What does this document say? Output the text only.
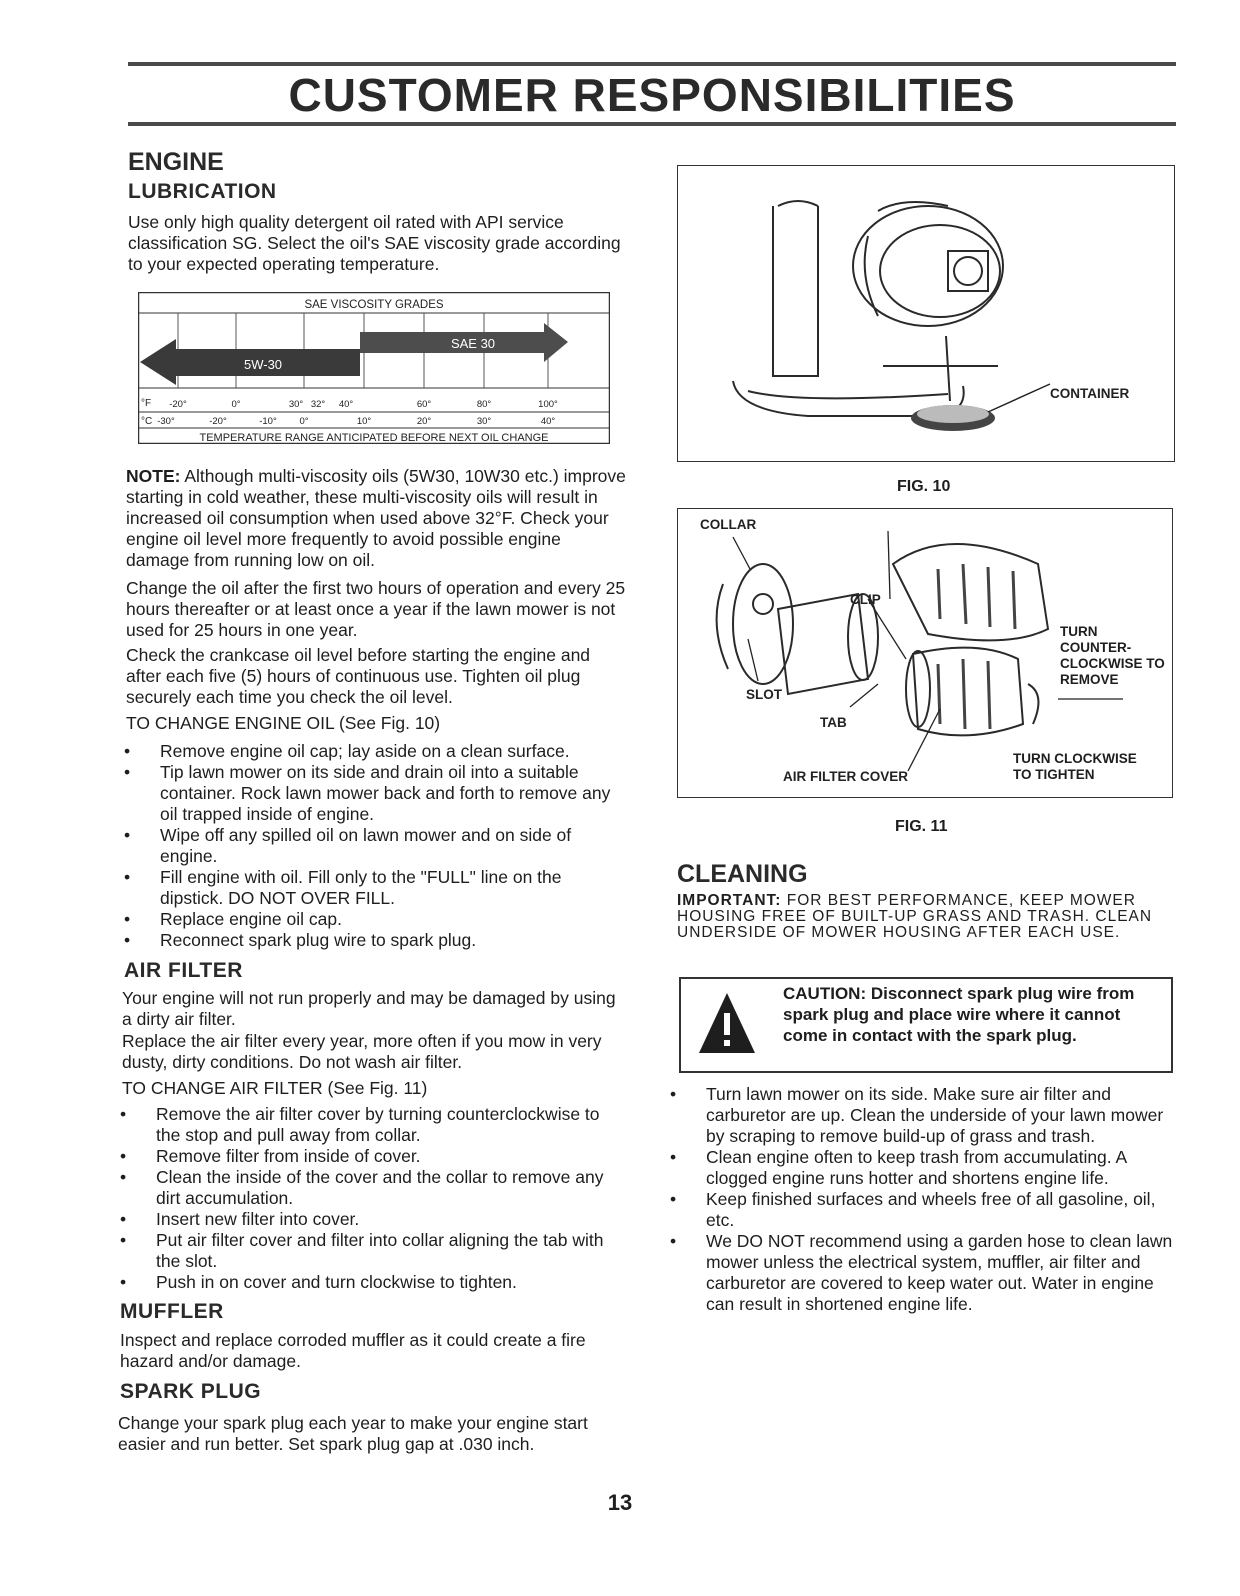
CUSTOMER RESPONSIBILITIES
ENGINE
LUBRICATION

Use only high quality detergent oil rated with API service classification SG. Select the oil's SAE viscosity grade according to your expected operating temperature.

SAE VISCOSITY GRADES
5W-30
SAE 30
°F
°C
-20°	0°	30° 32° 40°	60°	80°	100°
-30°	-20°	-10° 0°	10°	20°	30°	40°
TEMPERATURE RANGE ANTICIPATED BEFORE NEXT OIL CHANGE

NOTE: Although multi-viscosity oils (5W30, 10W30 etc.) improve starting in cold weather, these multi-viscosity oils will result in increased oil consumption when used above 32°F. Check your engine oil level more frequently to avoid possible engine damage from running low on oil.

Change the oil after the first two hours of operation and every 25 hours thereafter or at least once a year if the lawn mower is not used for 25 hours in one year.

Check the crankcase oil level before starting the engine and after each five (5) hours of continuous use. Tighten oil plug securely each time you check the oil level.

TO CHANGE ENGINE OIL (See Fig. 10)

• Remove engine oil cap; lay aside on a clean surface.
• Tip lawn mower on its side and drain oil into a suitable container. Rock lawn mower back and forth to remove any oil trapped inside of engine.
• Wipe off any spilled oil on lawn mower and on side of engine.
• Fill engine with oil. Fill only to the "FULL" line on the dipstick. DO NOT OVER FILL.
• Replace engine oil cap.
• Reconnect spark plug wire to spark plug.
AIR FILTER

Your engine will not run properly and may be damaged by using a dirty air filter.

Replace the air filter every year, more often if you mow in very dusty, dirty conditions. Do not wash air filter.

TO CHANGE AIR FILTER (See Fig. 11)

• Remove the air filter cover by turning counterclockwise to the stop and pull away from collar.
• Remove filter from inside of cover.
• Clean the inside of the cover and the collar to remove any dirt accumulation.
• Insert new filter into cover.
• Put air filter cover and filter into collar aligning the tab with the slot.
• Push in on cover and turn clockwise to tighten.
MUFFLER

Inspect and replace corroded muffler as it could create a fire hazard and/or damage.

SPARK PLUG

Change your spark plug each year to make your engine start easier and run better. Set spark plug gap at .030 inch.

CONTAINER
FIG. 10
COLLAR
CLIP
SLOT
TAB
AIR FILTER COVER
TURN COUNTER-CLOCKWISE TO REMOVE
TURN CLOCKWISE TO TIGHTEN
FIG. 11
CLEANING

IMPORTANT: FOR BEST PERFORMANCE, KEEP MOWER HOUSING FREE OF BUILT-UP GRASS AND TRASH. CLEAN UNDERSIDE OF MOWER HOUSING AFTER EACH USE.

CAUTION: Disconnect spark plug wire from spark plug and place wire where it cannot come in contact with the spark plug.
• Turn lawn mower on its side. Make sure air filter and carburetor are up. Clean the underside of your lawn mower by scraping to remove build-up of grass and trash.
• Clean engine often to keep trash from accumulating. A clogged engine runs hotter and shortens engine life.
• Keep finished surfaces and wheels free of all gasoline, oil, etc.
• We DO NOT recommend using a garden hose to clean lawn mower unless the electrical system, muffler, air filter and carburetor are covered to keep water out. Water in engine can result in shortened engine life.
13
